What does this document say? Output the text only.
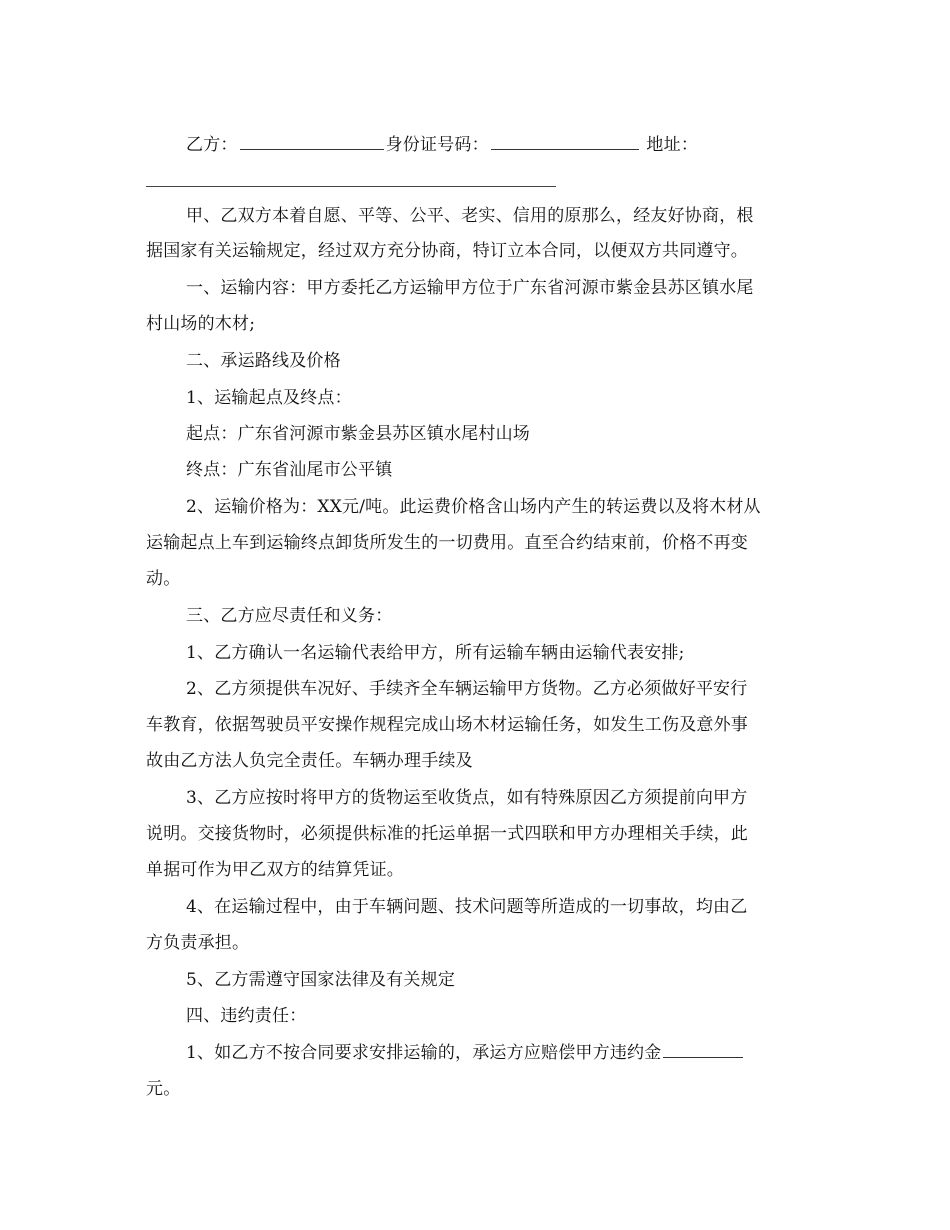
乙方：	身份证号码：	地址：
甲、乙双方本着自愿、平等、公平、老实、信用的原那么，经友好协商，根
据国家有关运输规定，经过双方充分协商，特订立本合同，以便双方共同遵守。
一、运输内容：甲方委托乙方运输甲方位于广东省河源市紫金县苏区镇水尾
村山场的木材;
二、承运路线及价格
1、运输起点及终点：
起点：广东省河源市紫金县苏区镇水尾村山场
终点：广东省汕尾市公平镇
2、运输价格为：XX元/吨。此运费价格含山场内产生的转运费以及将木材从
运输起点上车到运输终点卸货所发生的一切费用。直至合约结束前，价格不再变
动。
三、乙方应尽责任和义务：
1、乙方确认一名运输代表给甲方，所有运输车辆由运输代表安排;
2、乙方须提供车况好、手续齐全车辆运输甲方货物。乙方必须做好平安行
车教育，依据驾驶员平安操作规程完成山场木材运输任务，如发生工伤及意外事
故由乙方法人负完全责任。车辆办理手续及
3、乙方应按时将甲方的货物运至收货点，如有特殊原因乙方须提前向甲方
说明。交接货物时，必须提供标准的托运单据一式四联和甲方办理相关手续，此
单据可作为甲乙双方的结算凭证。
4、在运输过程中，由于车辆问题、技术问题等所造成的一切事故，均由乙
方负责承担。
5、乙方需遵守国家法律及有关规定
四、违约责任：
1、如乙方不按合同要求安排运输的，承运方应赔偿甲方违约金
元。
